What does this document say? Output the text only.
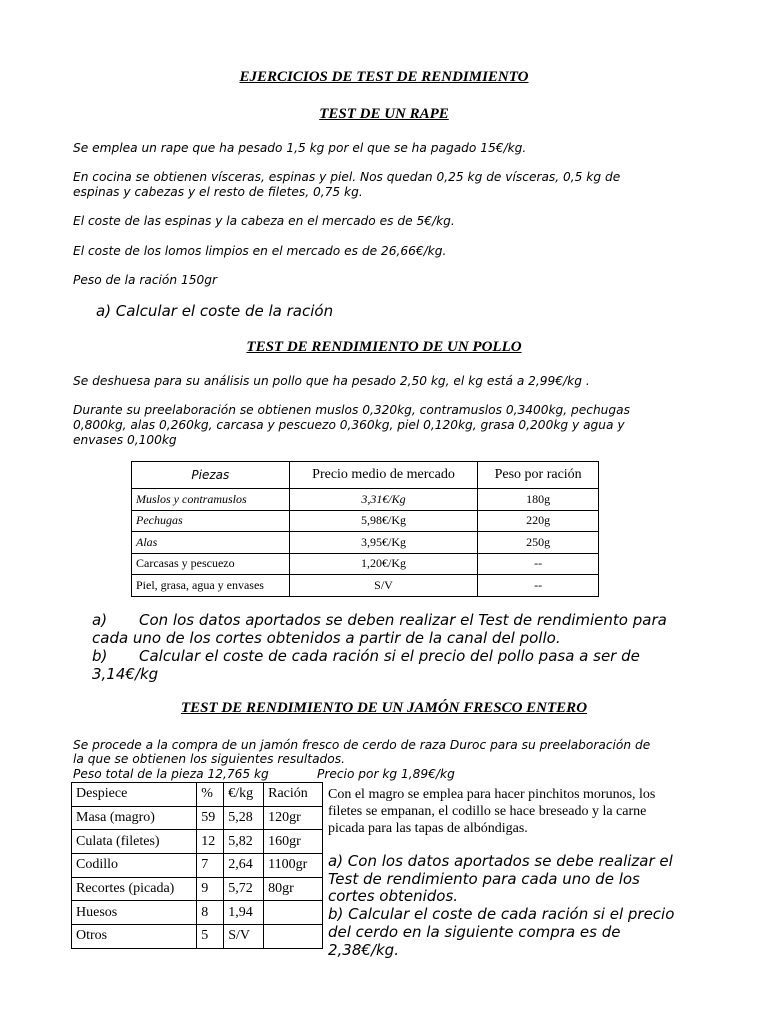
EJERCICIOS DE TEST DE RENDIMIENTO
TEST DE UN RAPE
Se emplea un rape que ha pesado 1,5 kg por el que se ha pagado 15€/kg.
En cocina se obtienen vísceras, espinas y piel. Nos quedan 0,25 kg de vísceras, 0,5 kg de
espinas y cabezas y el resto de filetes, 0,75 kg.
El coste de las espinas y la cabeza en el mercado es de 5€/kg.
El coste de los lomos limpios en el mercado es de 26,66€/kg.
Peso de la ración 150gr
a) Calcular el coste de la ración
TEST DE RENDIMIENTO DE UN POLLO
Se deshuesa para su análisis un pollo que ha pesado 2,50 kg, el kg está a 2,99€/kg .
Durante su preelaboración se obtienen muslos 0,320kg, contramuslos 0,3400kg, pechugas
0,800kg, alas 0,260kg, carcasa y pescuezo 0,360kg, piel 0,120kg, grasa 0,200kg y agua y
envases 0,100kg
Piezas	Precio medio de mercado	Peso por ración
Muslos y contramuslos	3,31€/Kg	180g
Pechugas	5,98€/Kg	220g
Alas	3,95€/Kg	250g
Carcasas y pescuezo	1,20€/Kg	--
Piel, grasa, agua y envases	S/V	--
a) Con los datos aportados se deben realizar el Test de rendimiento para
cada uno de los cortes obtenidos a partir de la canal del pollo.
b) Calcular el coste de cada ración si el precio del pollo pasa a ser de
3,14€/kg
TEST DE RENDIMIENTO DE UN JAMÓN FRESCO ENTERO
Se procede a la compra de un jamón fresco de cerdo de raza Duroc para su preelaboración de
la que se obtienen los siguientes resultados.
Peso total de la pieza 12,765 kg	Precio por kg 1,89€/kg
Despiece	%	€/kg	Ración
Masa (magro)	59	5,28	120gr
Culata (filetes)	12	5,82	160gr
Codillo	7	2,64	1100gr
Recortes (picada)	9	5,72	80gr
Huesos	8	1,94	
Otros	5	S/V	
Con el magro se emplea para hacer pinchitos morunos, los
filetes se empanan, el codillo se hace breseado y la carne
picada para las tapas de albóndigas.
a) Con los datos aportados se debe realizar el
Test de rendimiento para cada uno de los
cortes obtenidos.
b) Calcular el coste de cada ración si el precio
del cerdo en la siguiente compra es de
2,38€/kg.
